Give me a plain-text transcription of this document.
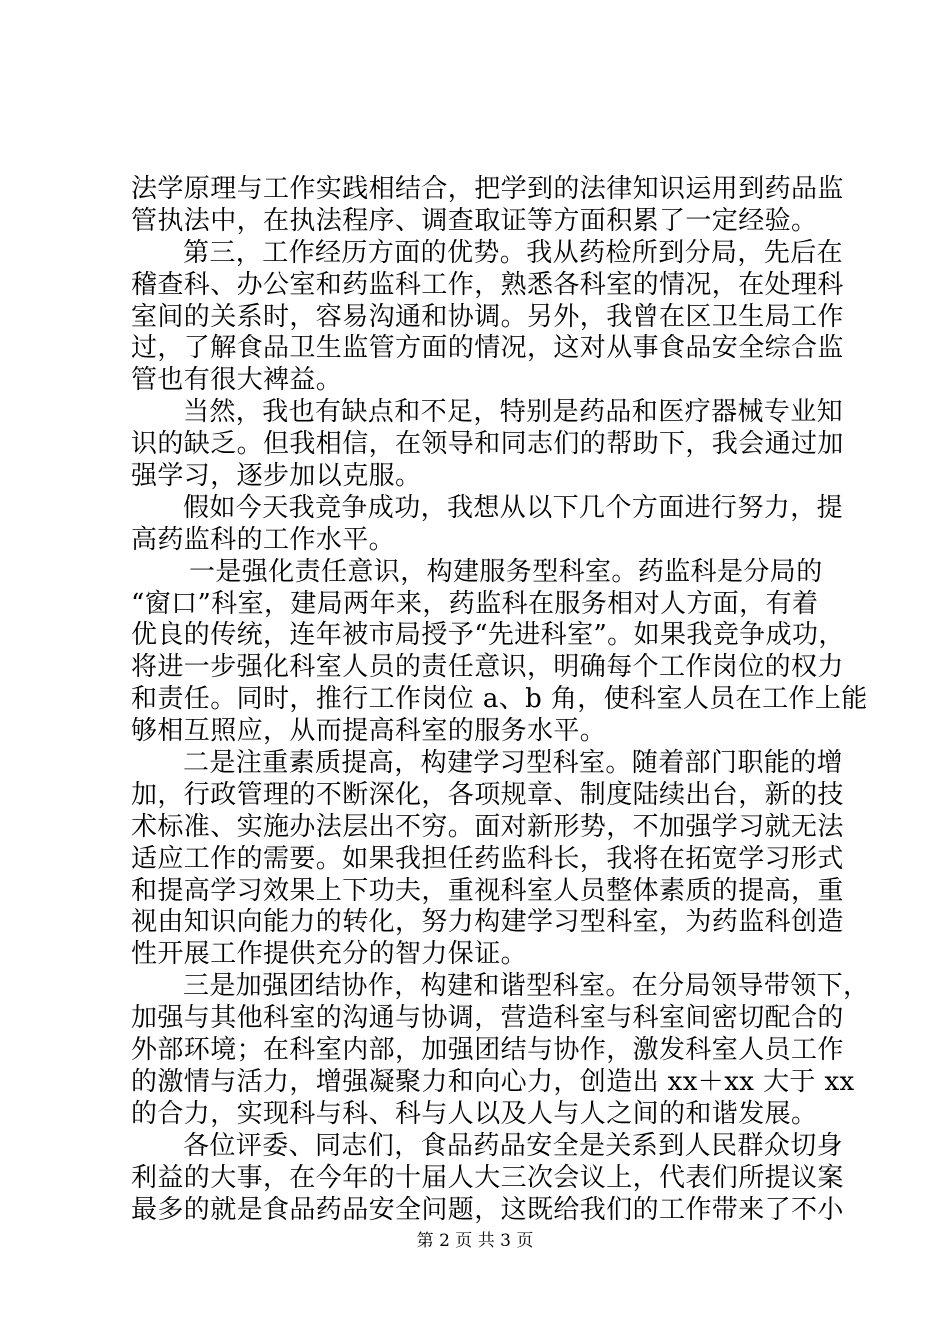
法学原理与工作实践相结合，把学到的法律知识运用到药品监
管执法中，在执法程序、调查取证等方面积累了一定经验。
第三，工作经历方面的优势。我从药检所到分局，先后在
稽查科、办公室和药监科工作，熟悉各科室的情况，在处理科
室间的关系时，容易沟通和协调。另外，我曾在区卫生局工作
过，了解食品卫生监管方面的情况，这对从事食品安全综合监
管也有很大裨益。
当然，我也有缺点和不足，特别是药品和医疗器械专业知
识的缺乏。但我相信，在领导和同志们的帮助下，我会通过加
强学习，逐步加以克服。
假如今天我竞争成功，我想从以下几个方面进行努力，提
高药监科的工作水平。
一是强化责任意识，构建服务型科室。药监科是分局的
“窗口”科室，建局两年来，药监科在服务相对人方面，有着
优良的传统，连年被市局授予“先进科室”。如果我竞争成功，
将进一步强化科室人员的责任意识，明确每个工作岗位的权力
和责任。同时，推行工作岗位 a、b 角，使科室人员在工作上能
够相互照应，从而提高科室的服务水平。
二是注重素质提高，构建学习型科室。随着部门职能的增
加，行政管理的不断深化，各项规章、制度陆续出台，新的技
术标准、实施办法层出不穷。面对新形势，不加强学习就无法
适应工作的需要。如果我担任药监科长，我将在拓宽学习形式
和提高学习效果上下功夫，重视科室人员整体素质的提高，重
视由知识向能力的转化，努力构建学习型科室，为药监科创造
性开展工作提供充分的智力保证。
三是加强团结协作，构建和谐型科室。在分局领导带领下，
加强与其他科室的沟通与协调，营造科室与科室间密切配合的
外部环境；在科室内部，加强团结与协作，激发科室人员工作
的激情与活力，增强凝聚力和向心力，创造出 xx＋xx 大于 xx
的合力，实现科与科、科与人以及人与人之间的和谐发展。
各位评委、同志们，食品药品安全是关系到人民群众切身
利益的大事，在今年的十届人大三次会议上，代表们所提议案
最多的就是食品药品安全问题，这既给我们的工作带来了不小
第 2 页 共 3 页
